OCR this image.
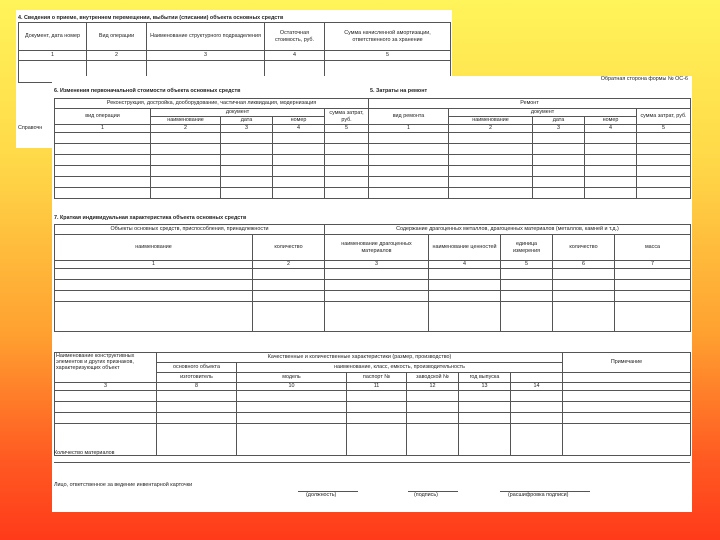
4. Сведения о приеме, внутреннем перемещении, выбытии (списании) объекта основных средств
Документ, дата номер	Вид операции	Наименование структурного подразделения	Остаточная стоимость, руб.	Сумма начисленной амортизации, ответственного за хранение
1	2	3	4	5

Справочн
Обратная сторона формы № ОС-6
6. Изменения первоначальной стоимости объекта основных средств
Реконструкция, достройка, дооборудование, частичная ликвидация, модернизация				
вид операции	документ			сумма затрат, руб.
	наименование	дата	номер	
1	2	3	4	5

5. Затраты на ремонт
Ремонт				
вид ремонта	документ			сумма затрат, руб.
	наименование	дата	номер	
1	2	3	4	5

7. Краткая индивидуальная характеристика объекта основных средств
Объекты основных средств, приспособления, принадлежности		Содержание драгоценных металлов, драгоценных материалов (металлов, камней и т.д.)				
наименование	количество	наименование драгоценных материалов	наименование ценностей	единица измерения	количество	масса
1	2	3	4	5	6	7

Наименование конструктивных элементов и других признаков, характеризующих объект	Качественные и количественные характеристики (размер, производство)						Примечание
	основного объекта	наименование, класс, емкость, производительность					
	изготовитель	модель	паспорт №	заводской №	год выпуска		
3	8	10	11	12	13	14	

Количество материалов
Лицо, ответственное за ведение инвентарной карточки
(должность)	(подпись)	(расшифровка подписи)
